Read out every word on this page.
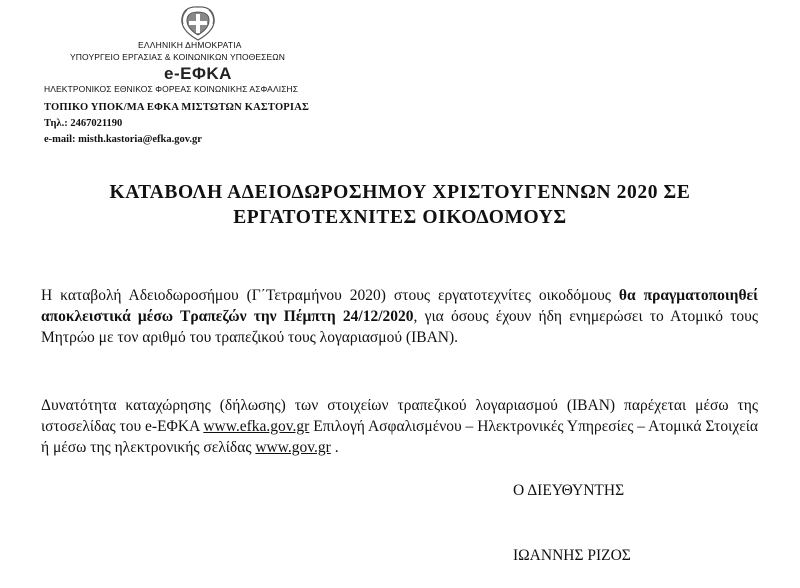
ΕΛΛΗΝΙΚΗ ΔΗΜΟΚΡΑΤΙΑ
ΥΠΟΥΡΓΕΙΟ ΕΡΓΑΣΙΑΣ & ΚΟΙΝΩΝΙΚΩΝ ΥΠΟΘΕΣΕΩΝ
e-ΕΦΚΑ
ΗΛΕΚΤΡΟΝΙΚΟΣ ΕΘΝΙΚΟΣ ΦΟΡΕΑΣ ΚΟΙΝΩΝΙΚΗΣ ΑΣΦΑΛΙΣΗΣ
ΤΟΠΙΚΟ ΥΠΟΚ/ΜΑ ΕΦΚΑ ΜΙΣΤΩΤΩΝ ΚΑΣΤΟΡΙΑΣ
Τηλ.: 2467021190
e-mail: misth.kastoria@efka.gov.gr
ΚΑΤΑΒΟΛΗ ΑΔΕΙΟΔΩΡΟΣΗΜΟΥ ΧΡΙΣΤΟΥΓΕΝΝΩΝ 2020 ΣΕ
ΕΡΓΑΤΟΤΕΧΝΙΤΕΣ ΟΙΚΟΔΟΜΟΥΣ
Η καταβολή Αδειοδωροσήμου (Γ΄Τετραμήνου 2020) στους εργατοτεχνίτες οικοδόμους θα πραγματοποιηθεί αποκλειστικά μέσω Τραπεζών την Πέμπτη 24/12/2020, για όσους έχουν ήδη ενημερώσει το Ατομικό τους Μητρώο με τον αριθμό του τραπεζικού τους λογαριασμού (IBAN).
Δυνατότητα καταχώρησης (δήλωσης) των στοιχείων τραπεζικού λογαριασμού (IBAN) παρέχεται μέσω της ιστοσελίδας του e-ΕΦΚΑ www.efka.gov.gr Επιλογή Ασφαλισμένου – Ηλεκτρονικές Υπηρεσίες – Ατομικά Στοιχεία ή μέσω της ηλεκτρονικής σελίδας www.gov.gr .
Ο ΔΙΕΥΘΥΝΤΗΣ
ΙΩΑΝΝΗΣ ΡΙΖΟΣ
